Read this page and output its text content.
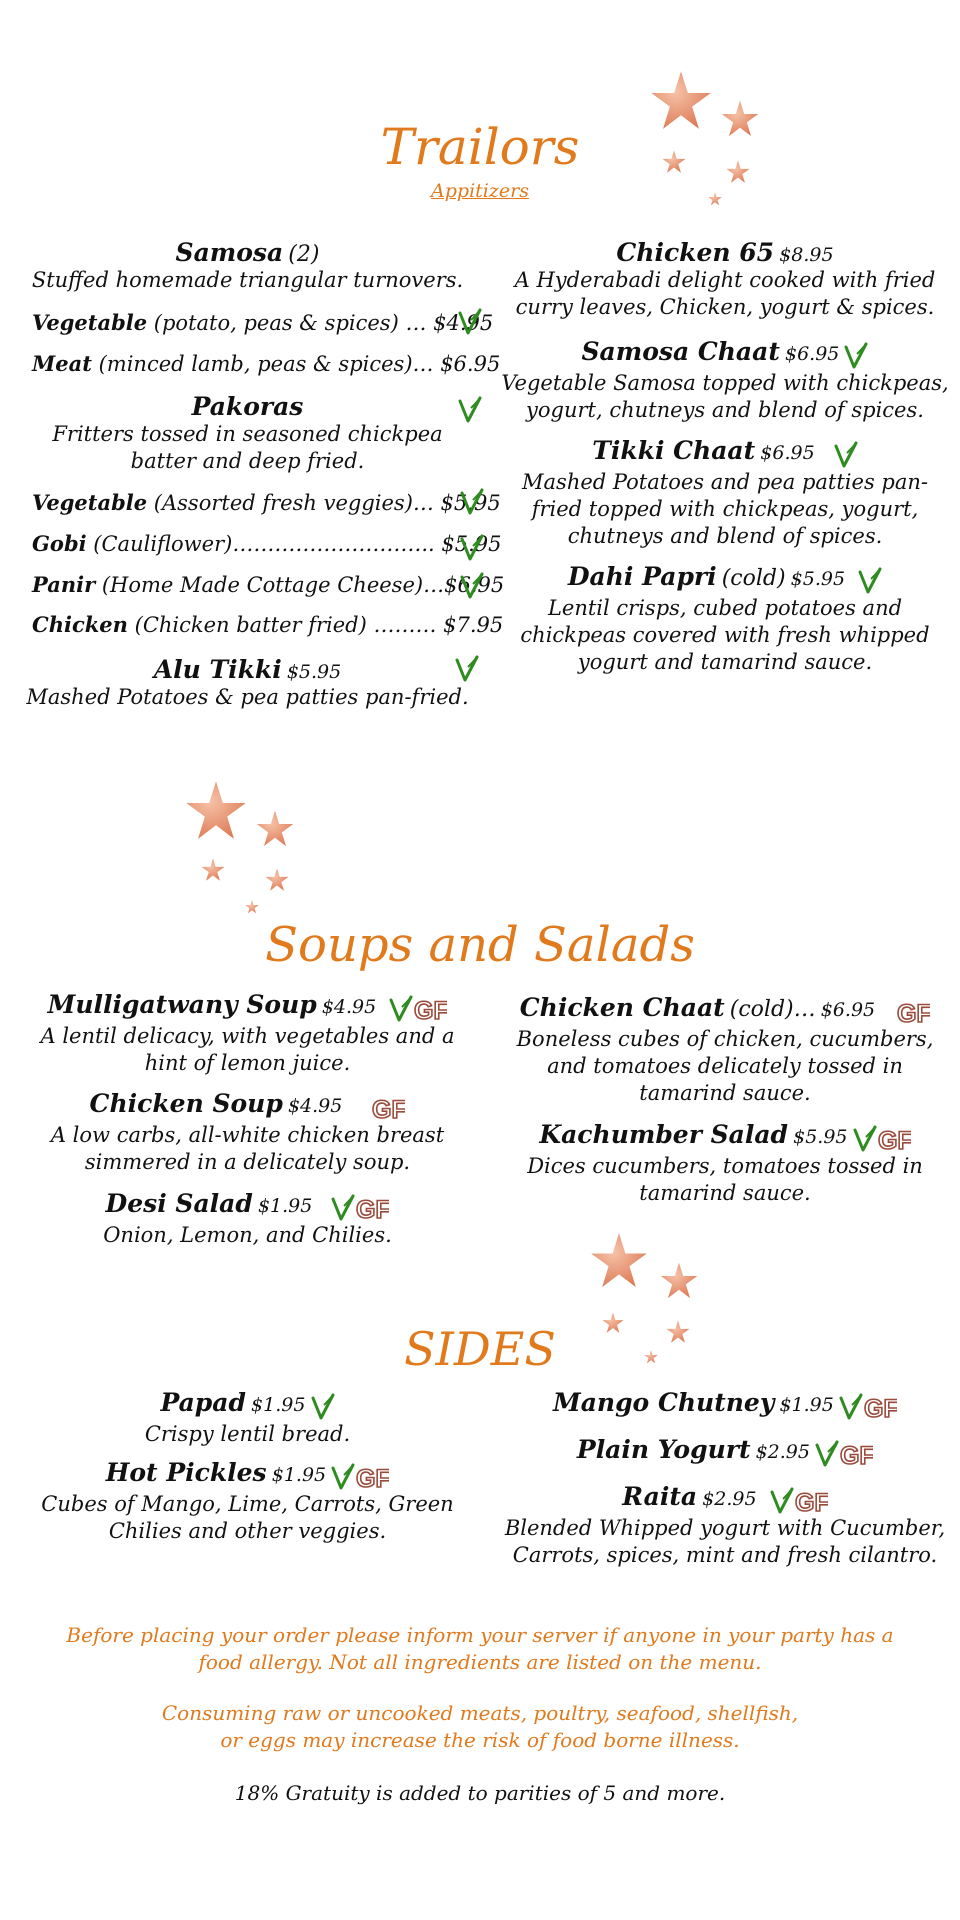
Trailors
Appitizers
Samosa (2)
Stuffed homemade triangular turnovers.
Vegetable (potato, peas & spices) … $4.95
Meat (minced lamb, peas & spices)… $6.95
Pakoras
Fritters tossed in seasoned chickpea
batter and deep fried.
Vegetable (Assorted fresh veggies)… $5.95
Gobi (Cauliflower)……………………….. $5.95
Panir (Home Made Cottage Cheese)…$6.95
Chicken (Chicken batter fried) ……… $7.95
Alu Tikki $5.95
Mashed Potatoes & pea patties pan-fried.
Chicken 65 $8.95
A Hyderabadi delight cooked with fried
curry leaves, Chicken, yogurt & spices.
Samosa Chaat $6.95
Vegetable Samosa topped with chickpeas,
yogurt, chutneys and blend of spices.
Tikki Chaat $6.95
Mashed Potatoes and pea patties pan-
fried topped with chickpeas, yogurt,
chutneys and blend of spices.
Dahi Papri (cold) $5.95
Lentil crisps, cubed potatoes and
chickpeas covered with fresh whipped
yogurt and tamarind sauce.
Soups and Salads
Mulligatwany Soup $4.95
A lentil delicacy, with vegetables and a
hint of lemon juice.
Chicken Soup $4.95
A low carbs, all-white chicken breast
simmered in a delicately soup.
Desi Salad $1.95
Onion, Lemon, and Chilies.
Chicken Chaat (cold)… $6.95
Boneless cubes of chicken, cucumbers,
and tomatoes delicately tossed in
tamarind sauce.
Kachumber Salad $5.95
Dices cucumbers, tomatoes tossed in
tamarind sauce.
SIDES
Papad $1.95
Crispy lentil bread.
Hot Pickles $1.95
Cubes of Mango, Lime, Carrots, Green
Chilies and other veggies.
Mango Chutney $1.95
Plain Yogurt $2.95
Raita $2.95
Blended Whipped yogurt with Cucumber,
Carrots, spices, mint and fresh cilantro.
Before placing your order please inform your server if anyone in your party has a
food allergy. Not all ingredients are listed on the menu.
Consuming raw or uncooked meats, poultry, seafood, shellfish,
or eggs may increase the risk of food borne illness.
18% Gratuity is added to parities of 5 and more.
